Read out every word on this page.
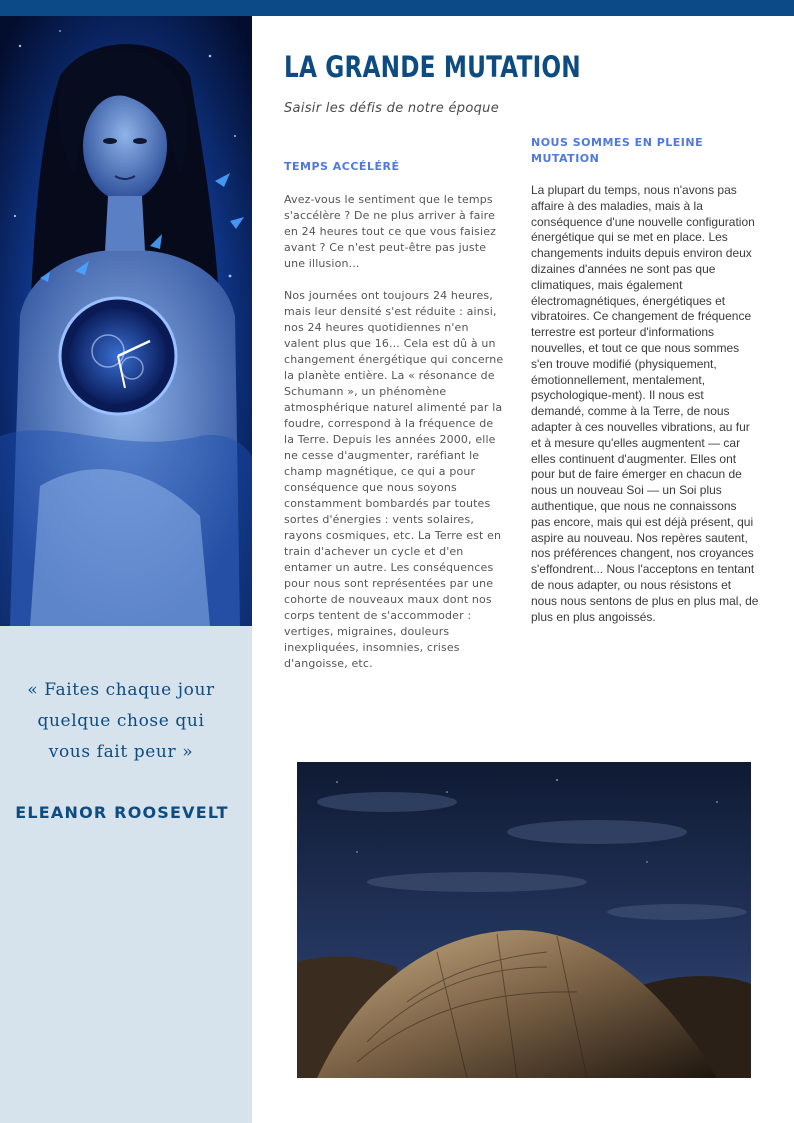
« Faites chaque jour
quelque chose qui
vous fait peur »
ELEANOR ROOSEVELT
LA GRANDE MUTATION
Saisir les défis de notre époque
TEMPS ACCÉLÉRÉ

Avez-vous le sentiment que le temps s'accélère ? De ne plus arriver à faire en 24 heures tout ce que vous faisiez avant ? Ce n'est peut-être pas juste une illusion...

Nos journées ont toujours 24 heures, mais leur densité s'est réduite : ainsi, nos 24 heures quotidiennes n'en valent plus que 16... Cela est dû à un changement énergétique qui concerne la planète entière. La « résonance de Schumann », un phénomène atmosphérique naturel alimenté par la foudre, correspond à la fréquence de la Terre. Depuis les années 2000, elle ne cesse d'augmenter, raréfiant le champ magnétique, ce qui a pour conséquence que nous soyons constamment bombardés par toutes sortes d'énergies : vents solaires, rayons cosmiques, etc. La Terre est en train d'achever un cycle et d'en entamer un autre. Les conséquences pour nous sont représentées par une cohorte de nouveaux maux dont nos corps tentent de s'accommoder : vertiges, migraines, douleurs inexpliquées, insomnies, crises d'angoisse, etc.

NOUS SOMMES EN PLEINE MUTATION

La plupart du temps, nous n'avons pas affaire à des maladies, mais à la conséquence d'une nouvelle configuration énergétique qui se met en place. Les changements induits depuis environ deux dizaines d'années ne sont pas que climatiques, mais également électromagnétiques, énergétiques et vibratoires. Ce changement de fréquence terrestre est porteur d'informations nouvelles, et tout ce que nous sommes s'en trouve modifié (physiquement, émotionnellement, mentalement, psychologique-ment). Il nous est demandé, comme à la Terre, de nous adapter à ces nouvelles vibrations, au fur et à mesure qu'elles augmentent — car elles continuent d'augmenter. Elles ont pour but de faire émerger en chacun de nous un nouveau Soi — un Soi plus authentique, que nous ne connaissons pas encore, mais qui est déjà présent, qui aspire au nouveau. Nos repères sautent, nos préférences changent, nos croyances s'effondrent... Nous l'acceptons en tentant de nous adapter, ou nous résistons et nous nous sentons de plus en plus mal, de plus en plus angoissés.
